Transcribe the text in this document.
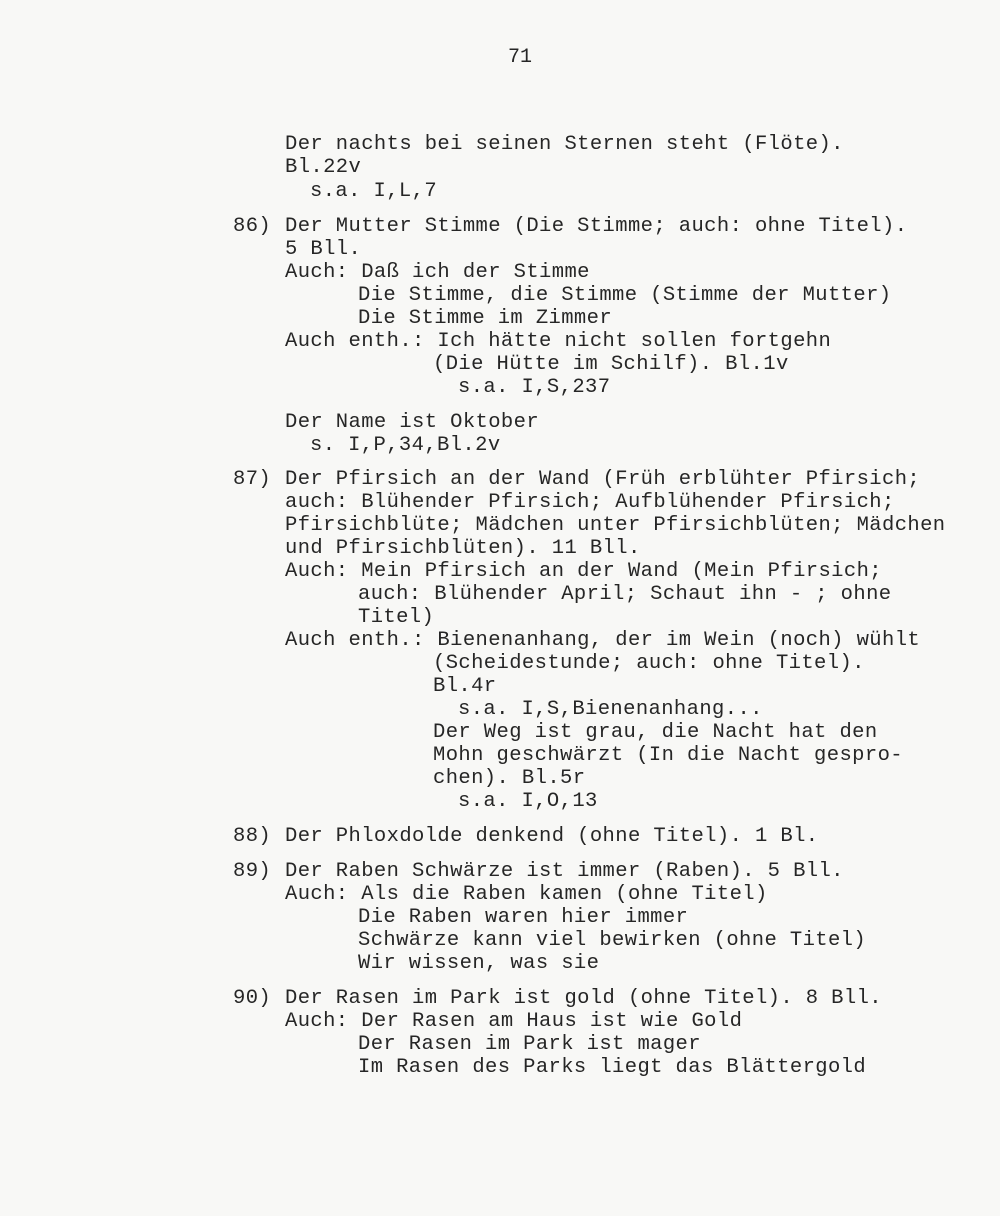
71
Der nachts bei seinen Sternen steht (Flöte).
Bl.22v
s.a. I,L,7
86) Der Mutter Stimme (Die Stimme; auch: ohne Titel).
5 Bll.
Auch: Daß ich der Stimme
Die Stimme, die Stimme (Stimme der Mutter)
Die Stimme im Zimmer
Auch enth.: Ich hätte nicht sollen fortgehn
(Die Hütte im Schilf). Bl.1v
s.a. I,S,237
Der Name ist Oktober
s. I,P,34,Bl.2v
87) Der Pfirsich an der Wand (Früh erblühter Pfirsich;
auch: Blühender Pfirsich; Aufblühender Pfirsich;
Pfirsichblüte; Mädchen unter Pfirsichblüten; Mädchen
und Pfirsichblüten). 11 Bll.
Auch: Mein Pfirsich an der Wand (Mein Pfirsich;
auch: Blühender April; Schaut ihn - ; ohne
Titel)
Auch enth.: Bienenanhang, der im Wein (noch) wühlt
(Scheidestunde; auch: ohne Titel).
Bl.4r
s.a. I,S,Bienenanhang...
Der Weg ist grau, die Nacht hat den
Mohn geschwärzt (In die Nacht gespro-
chen). Bl.5r
s.a. I,O,13
88) Der Phloxdolde denkend (ohne Titel). 1 Bl.
89) Der Raben Schwärze ist immer (Raben). 5 Bll.
Auch: Als die Raben kamen (ohne Titel)
Die Raben waren hier immer
Schwärze kann viel bewirken (ohne Titel)
Wir wissen, was sie
90) Der Rasen im Park ist gold (ohne Titel). 8 Bll.
Auch: Der Rasen am Haus ist wie Gold
Der Rasen im Park ist mager
Im Rasen des Parks liegt das Blättergold
